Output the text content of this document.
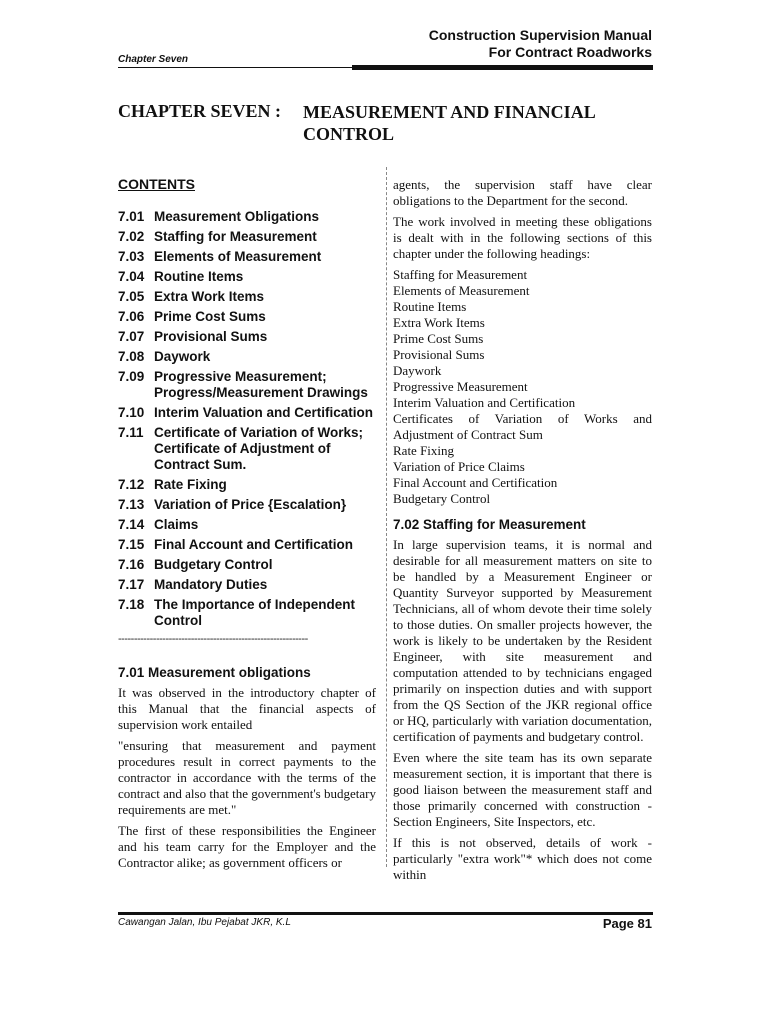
Construction Supervision Manual
For Contract Roadworks
Chapter Seven
CHAPTER SEVEN : MEASUREMENT AND FINANCIAL CONTROL
CONTENTS
7.01 Measurement Obligations
7.02 Staffing for Measurement
7.03 Elements of Measurement
7.04 Routine Items
7.05 Extra Work Items
7.06 Prime Cost Sums
7.07 Provisional Sums
7.08 Daywork
7.09 Progressive Measurement; Progress/Measurement Drawings
7.10 Interim Valuation and Certification
7.11 Certificate of Variation of Works; Certificate of Adjustment of Contract Sum.
7.12 Rate Fixing
7.13 Variation of Price {Escalation}
7.14 Claims
7.15 Final Account and Certification
7.16 Budgetary Control
7.17 Mandatory Duties
7.18 The Importance of Independent Control
------------------------------------------------------------
7.01 Measurement obligations

It was observed in the introductory chapter of this Manual that the financial aspects of supervision work entailed

"ensuring that measurement and payment procedures result in correct payments to the contractor in accordance with the terms of the contract and also that the government's budgetary requirements are met."

The first of these responsibilities the Engineer and his team carry for the Employer and the Contractor alike; as government officers or

agents, the supervision staff have clear obligations to the Department for the second.

The work involved in meeting these obligations is dealt with in the following sections of this chapter under the following headings:

Staffing for Measurement
Elements of Measurement
Routine Items
Extra Work Items
Prime Cost Sums
Provisional Sums
Daywork
Progressive Measurement
Interim Valuation and Certification
Certificates of Variation of Works and
Adjustment of Contract Sum
Rate Fixing
Variation of Price Claims
Final Account and Certification
Budgetary Control
7.02 Staffing for Measurement

In large supervision teams, it is normal and desirable for all measurement matters on site to be handled by a Measurement Engineer or Quantity Surveyor supported by Measurement Technicians, all of whom devote their time solely to those duties. On smaller projects however, the work is likely to be undertaken by the Resident Engineer, with site measurement and computation attended to by technicians engaged primarily on inspection duties and with support from the QS Section of the JKR regional office or HQ, particularly with variation documentation, certification of payments and budgetary control.

Even where the site team has its own separate measurement section, it is important that there is good liaison between the measurement staff and those primarily concerned with construction - Section Engineers, Site Inspectors, etc.

If this is not observed, details of work - particularly "extra work"* which does not come within

Cawangan Jalan, Ibu Pejabat JKR, K.L	Page 81
